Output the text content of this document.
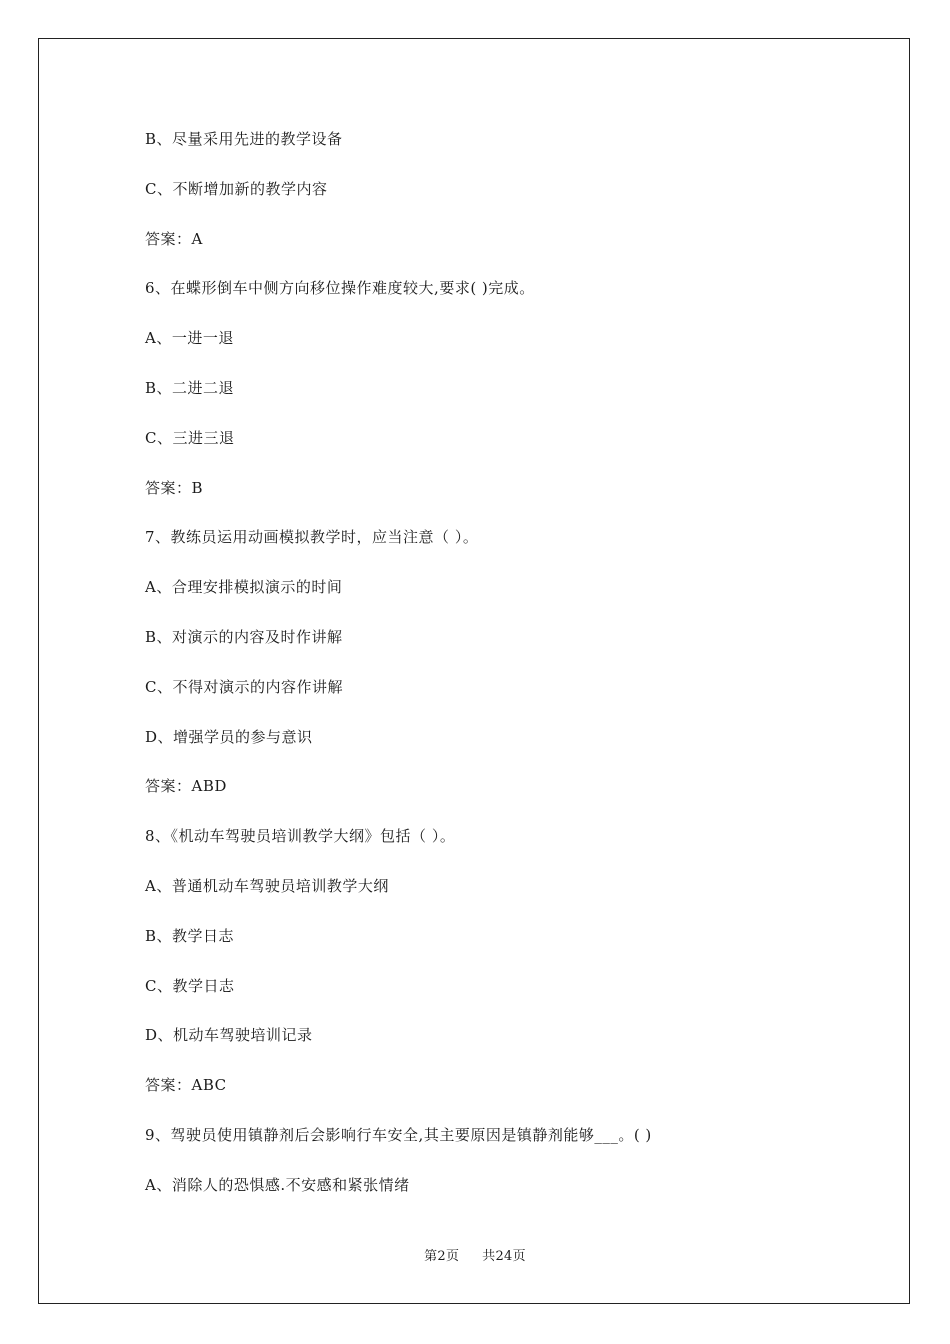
B、尽量采用先进的教学设备
C、不断增加新的教学内容
答案：A
6、在蝶形倒车中侧方向移位操作难度较大,要求( )完成。
A、一进一退
B、二进二退
C、三进三退
答案：B
7、教练员运用动画模拟教学时，应当注意（ ）。
A、合理安排模拟演示的时间
B、对演示的内容及时作讲解
C、不得对演示的内容作讲解
D、增强学员的参与意识
答案：ABD
8、《机动车驾驶员培训教学大纲》包括（ ）。
A、普通机动车驾驶员培训教学大纲
B、教学日志
C、教学日志
D、机动车驾驶培训记录
答案：ABC
9、驾驶员使用镇静剂后会影响行车安全,其主要原因是镇静剂能够___。( )
A、消除人的恐惧感.不安感和紧张情绪
第2页 共24页
